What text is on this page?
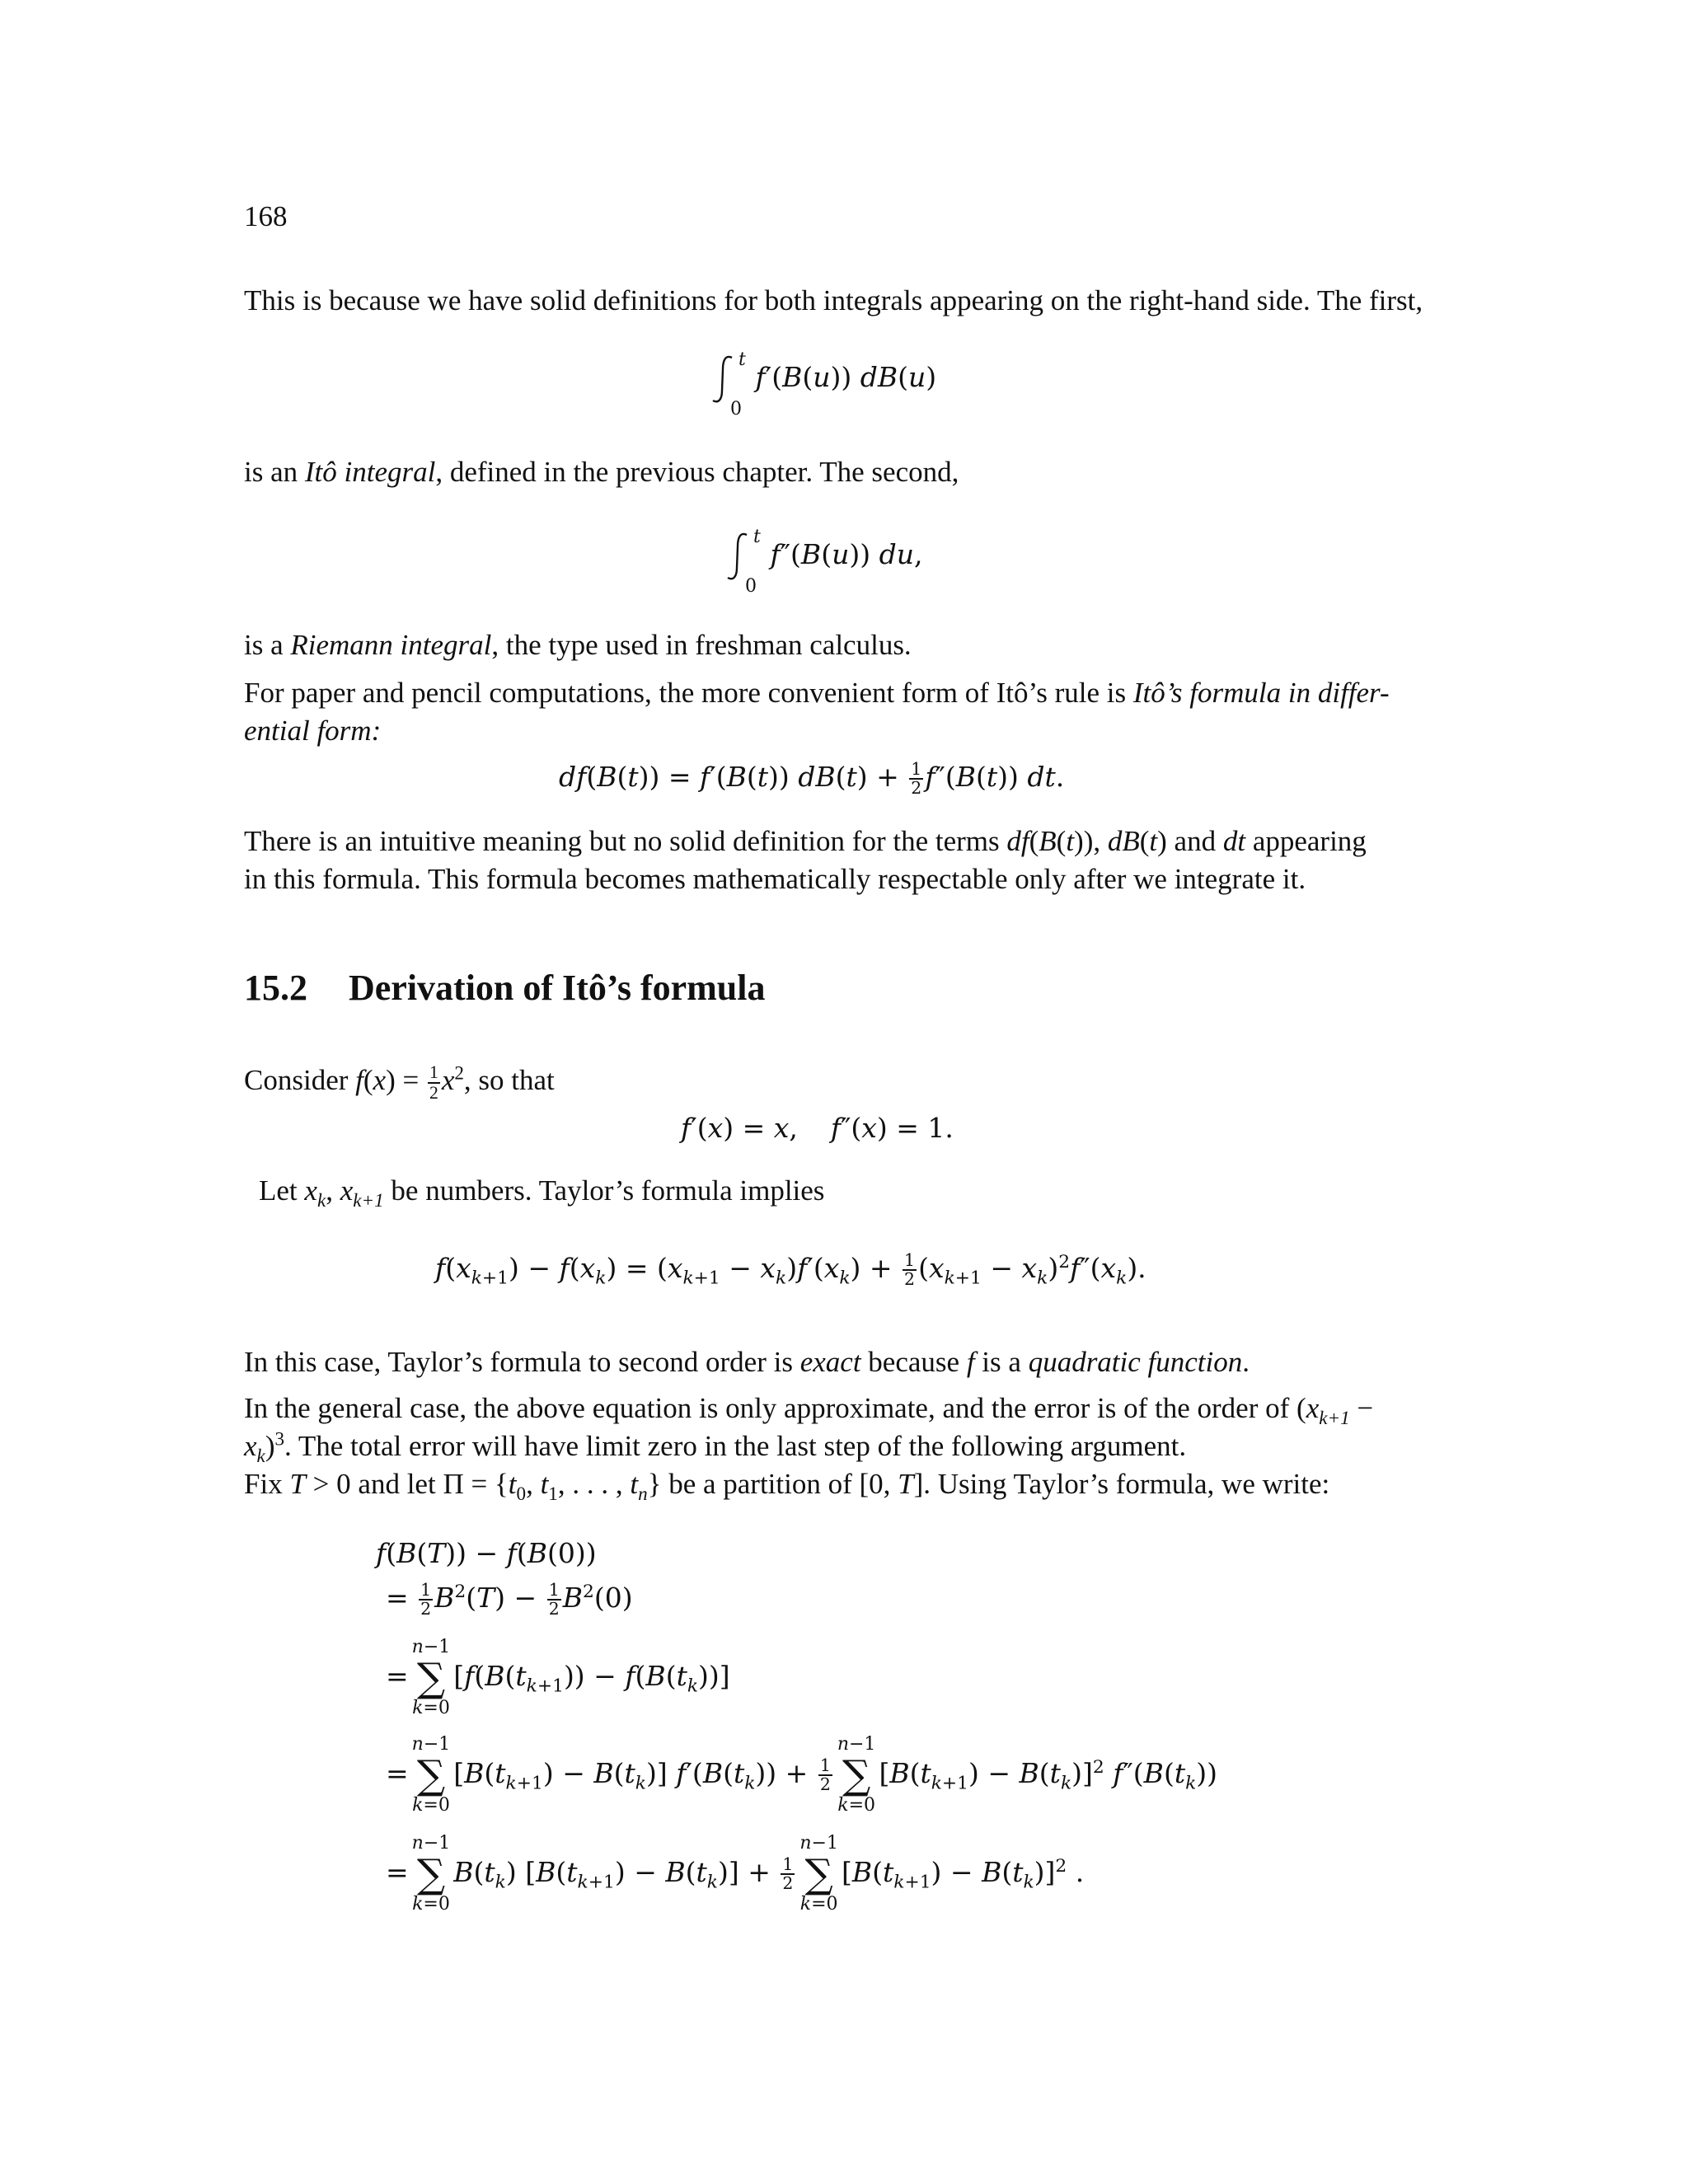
168
This is because we have solid definitions for both integrals appearing on the right-hand side. The first,
t
0
f′(B(u)) dB(u)
is an Itô integral, defined in the previous chapter. The second,
t
0
f″(B(u)) du,
is a Riemann integral, the type used in freshman calculus.
For paper and pencil computations, the more convenient form of Itô’s rule is Itô’s formula in differ-
ential form:
df(B(t)) = f′(B(t)) $dB(t) + \frac{1}{2} f''(B(t))$ dt.
There is an intuitive meaning but no solid definition for the terms df(B(t)), dB(t) and dt appearing
in this formula. This formula becomes mathematically respectable only after we integrate it.
15.2 Derivation of Itô’s formula
Consider $f(x) = \frac{1}{2} x^2$, so that
f′(x) = x, f″(x) = 1.
Let $x_k$, $x_{k+1}$ be numbers. Taylor’s formula implies
$f(x_{k+1}) - f(x_k) = (x_{k+1} - x_k)f'(x_k) + \frac{1}{2} (x_{k+1} - x_k)^2f''(x_k)$.
In this case, Taylor’s formula to second order is exact because f is a quadratic function.
In the general case, the above equation is only approximate, and the error is of the order of ($x_{k+1}$ −
$x_k)^3$. The total error will have limit zero in the last step of the following argument.
Fix T > 0 and let $\Pi = \{t_0$, $t_1$, . . . , $t_n$} be a partition of [0, T]. Using Taylor’s formula, we write:
f(B(T)) − f(B(0))
= $\frac{1}{2} B^2(T) - \frac{1}{2} B^2(0)$
=
n−1
∑
k=0
$[f(B(t_{k+1})) - f(B(t_k))]$
=
n−1
∑
k=0
$[B(t_{k+1}) - B(t_k)] f'(B(t_k)) + \frac{1}{2}$
n−1
∑
k=0
$[B(t_{k+1}) - B(t_k)]^2$ $f''(B(t_k))$
=
n−1
∑
k=0
$B(t_k) [B(t_{k+1}) - B(t_k)] + \frac{1}{2}$
n−1
∑
k=0
$[B(t_{k+1}) - B(t_k)]^2$ .
